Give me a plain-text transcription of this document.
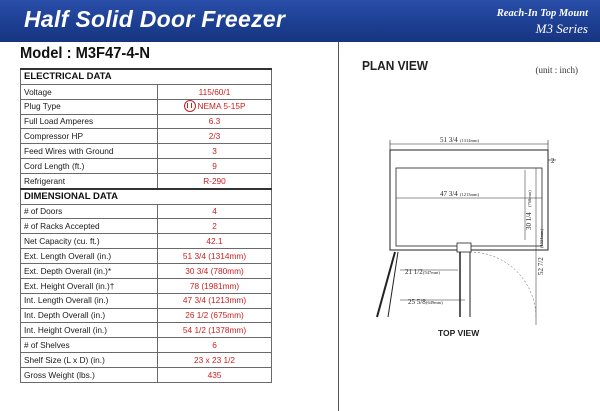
Half Solid Door Freezer	Reach-In Top Mount
M3 Series
Model : M3F47-4-N
ELECTRICAL DATA	
Voltage	115/60/1
Plug Type	NEMA 5-15P

Full Load Amperes	6.3
Compressor HP	2/3
Feed Wires with Ground	3
Cord Length (ft.)	9
Refrigerant	R-290
DIMENSIONAL DATA	
# of Doors	4
# of Racks Accepted	2
Net Capacity (cu. ft.)	42.1
Ext. Length Overall (in.)	51 3/4 (1314mm)
Ext. Depth Overall (in.)*	30 3/4 (780mm)
Ext. Height Overall (in.)†	78 (1981mm)
Int. Length Overall (in.)	47 3/4 (1213mm)
Int. Depth Overall (in.)	26 1/2 (675mm)
Int. Height Overall (in.)	54 1/2 (1378mm)
# of Shelves	6
Shelf Size (L x D) (in.)	23 x 23 1/2
Gross Weight (lbs.)	435
PLAN VIEW	(unit : inch)
51 3/4 (1314mm)
47 3/4 (1213mm)
2
30 1/4
(768mm)
52 7/2
(1334mm)
21 1/2 (547mm)
25 5/8 (649mm)
TOP VIEW
